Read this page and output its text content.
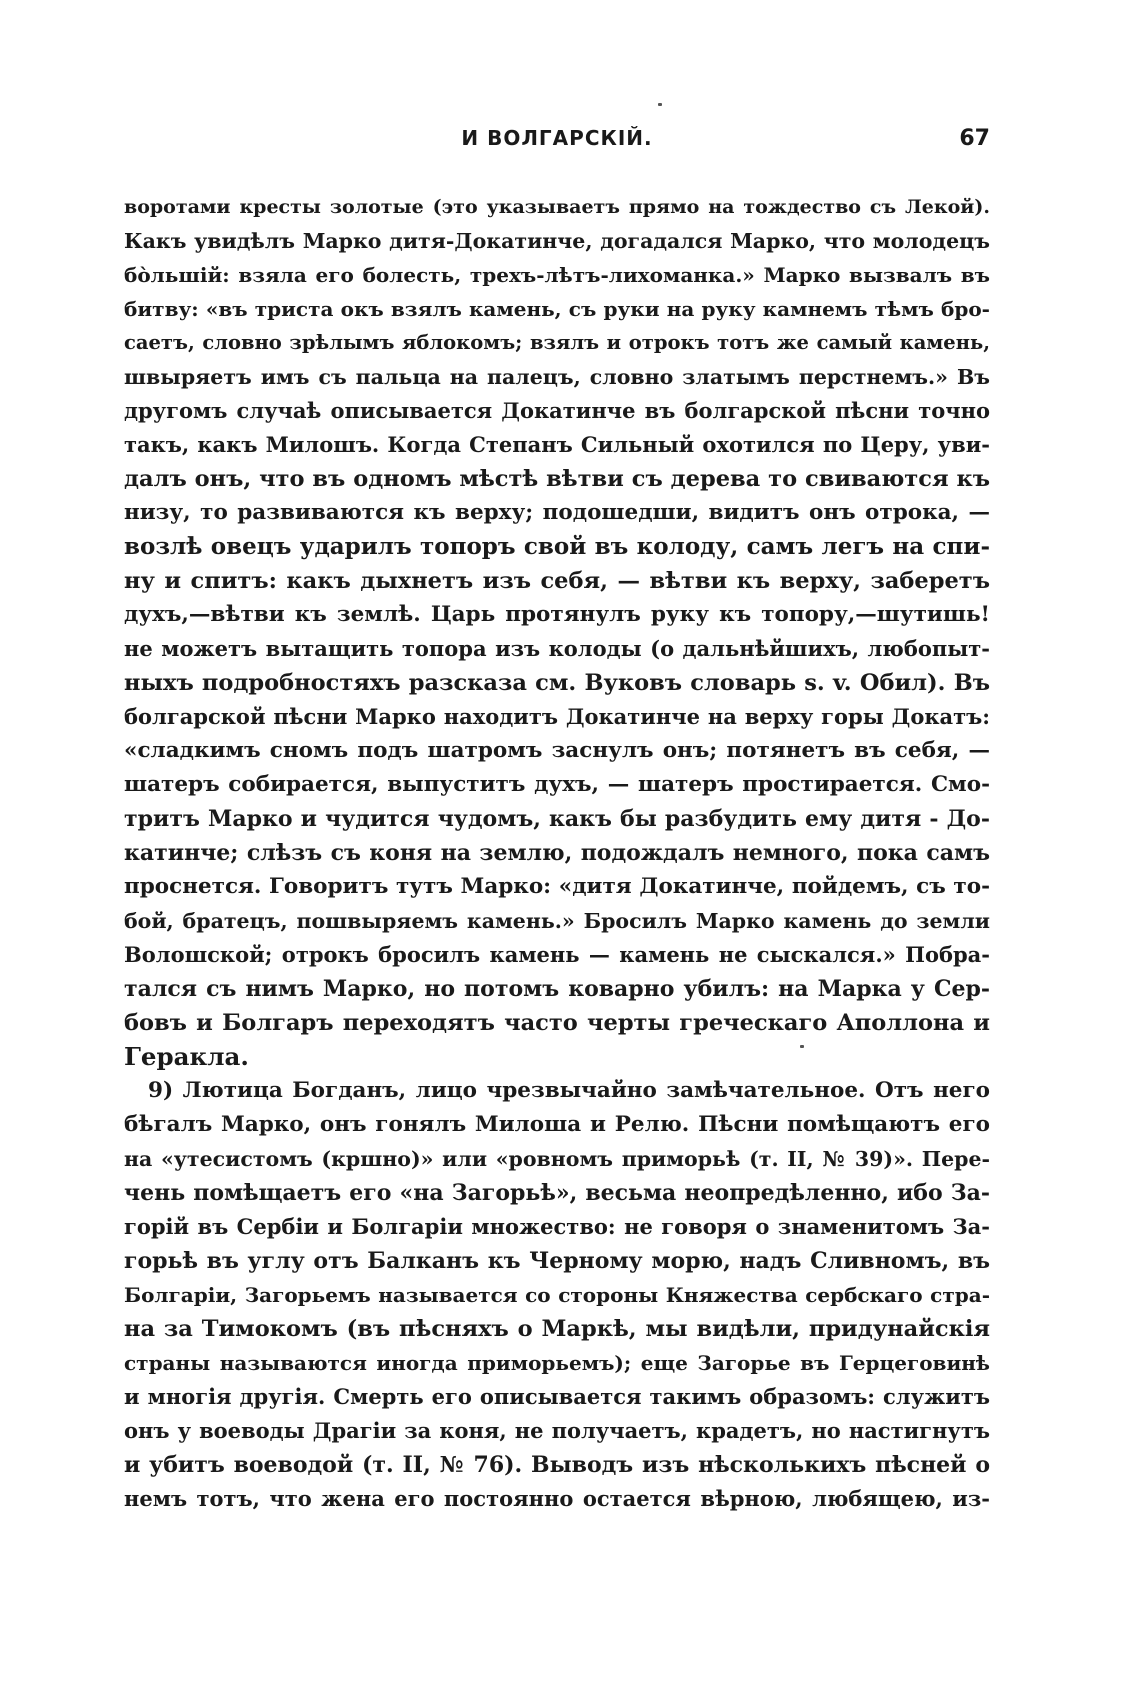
И ВОЛГАРСКІЙ.	67
воротами кресты золотые (это указываетъ прямо на тождество съ Лекой).
Какъ увидѣлъ Марко дитя-Докатинче, догадался Марко, что молодецъ
бо̀льшій: взяла его болесть, трехъ-лѣтъ-лихоманка.» Марко вызвалъ въ
битву: «въ триста окъ взялъ камень, съ руки на руку камнемъ тѣмъ бро-
саетъ, словно зрѣлымъ яблокомъ; взялъ и отрокъ тотъ же самый камень,
швыряетъ имъ съ пальца на палецъ, словно златымъ перстнемъ.» Въ
другомъ случаѣ описывается Докатинче въ болгарской пѣсни точно
такъ, какъ Милошъ. Когда Степанъ Сильный охотился по Церу, уви-
далъ онъ, что въ одномъ мѣстѣ вѣтви съ дерева то свиваются къ
низу, то развиваются къ верху; подошедши, видитъ онъ отрока, —
возлѣ овецъ ударилъ топоръ свой въ колоду, самъ легъ на спи-
ну и спитъ: какъ дыхнетъ изъ себя, — вѣтви къ верху, заберетъ
духъ,—вѣтви къ землѣ. Царь протянулъ руку къ топору,—шутишь!
не можетъ вытащить топора изъ колоды (о дальнѣйшихъ, любопыт-
ныхъ подробностяхъ разсказа см. Вуковъ словарь s. v. Обил). Въ
болгарской пѣсни Марко находитъ Докатинче на верху горы Докатъ:
«сладкимъ сномъ подъ шатромъ заснулъ онъ; потянетъ въ себя, —
шатеръ собирается, выпуститъ духъ, — шатеръ простирается. Смо-
тритъ Марко и чудится чудомъ, какъ бы разбудить ему дитя - До-
катинче; слѣзъ съ коня на землю, подождалъ немного, пока самъ
проснется. Говоритъ тутъ Марко: «дитя Докатинче, пойдемъ, съ то-
бой, братецъ, пошвыряемъ камень.» Бросилъ Марко камень до земли
Волошской; отрокъ бросилъ камень — камень не сыскался.» Побра-
тался съ нимъ Марко, но потомъ коварно убилъ: на Марка у Сер-
бовъ и Болгаръ переходятъ часто черты греческаго Аполлона и
Геракла.
9) Лютица Богданъ, лицо чрезвычайно замѣчательное. Отъ него
бѣгалъ Марко, онъ гонялъ Милоша и Релю. Пѣсни помѣщаютъ его
на «утесистомъ (кршно)» или «ровномъ приморьѣ (т. II, № 39)». Пере-
чень помѣщаетъ его «на Загорьѣ», весьма неопредѣленно, ибо За-
горій въ Сербіи и Болгаріи множество: не говоря о знаменитомъ За-
горьѣ въ углу отъ Балканъ къ Черному морю, надъ Сливномъ, въ
Болгаріи, Загорьемъ называется со стороны Княжества сербскаго стра-
на за Тимокомъ (въ пѣсняхъ о Маркѣ, мы видѣли, придунайскія
страны называются иногда приморьемъ); еще Загорье въ Герцеговинѣ
и многія другія. Смерть его описывается такимъ образомъ: служитъ
онъ у воеводы Драгіи за коня, не получаетъ, крадетъ, но настигнутъ
и убитъ воеводой (т. II, № 76). Выводъ изъ нѣсколькихъ пѣсней о
немъ тотъ, что жена его постоянно остается вѣрною, любящею, из-
